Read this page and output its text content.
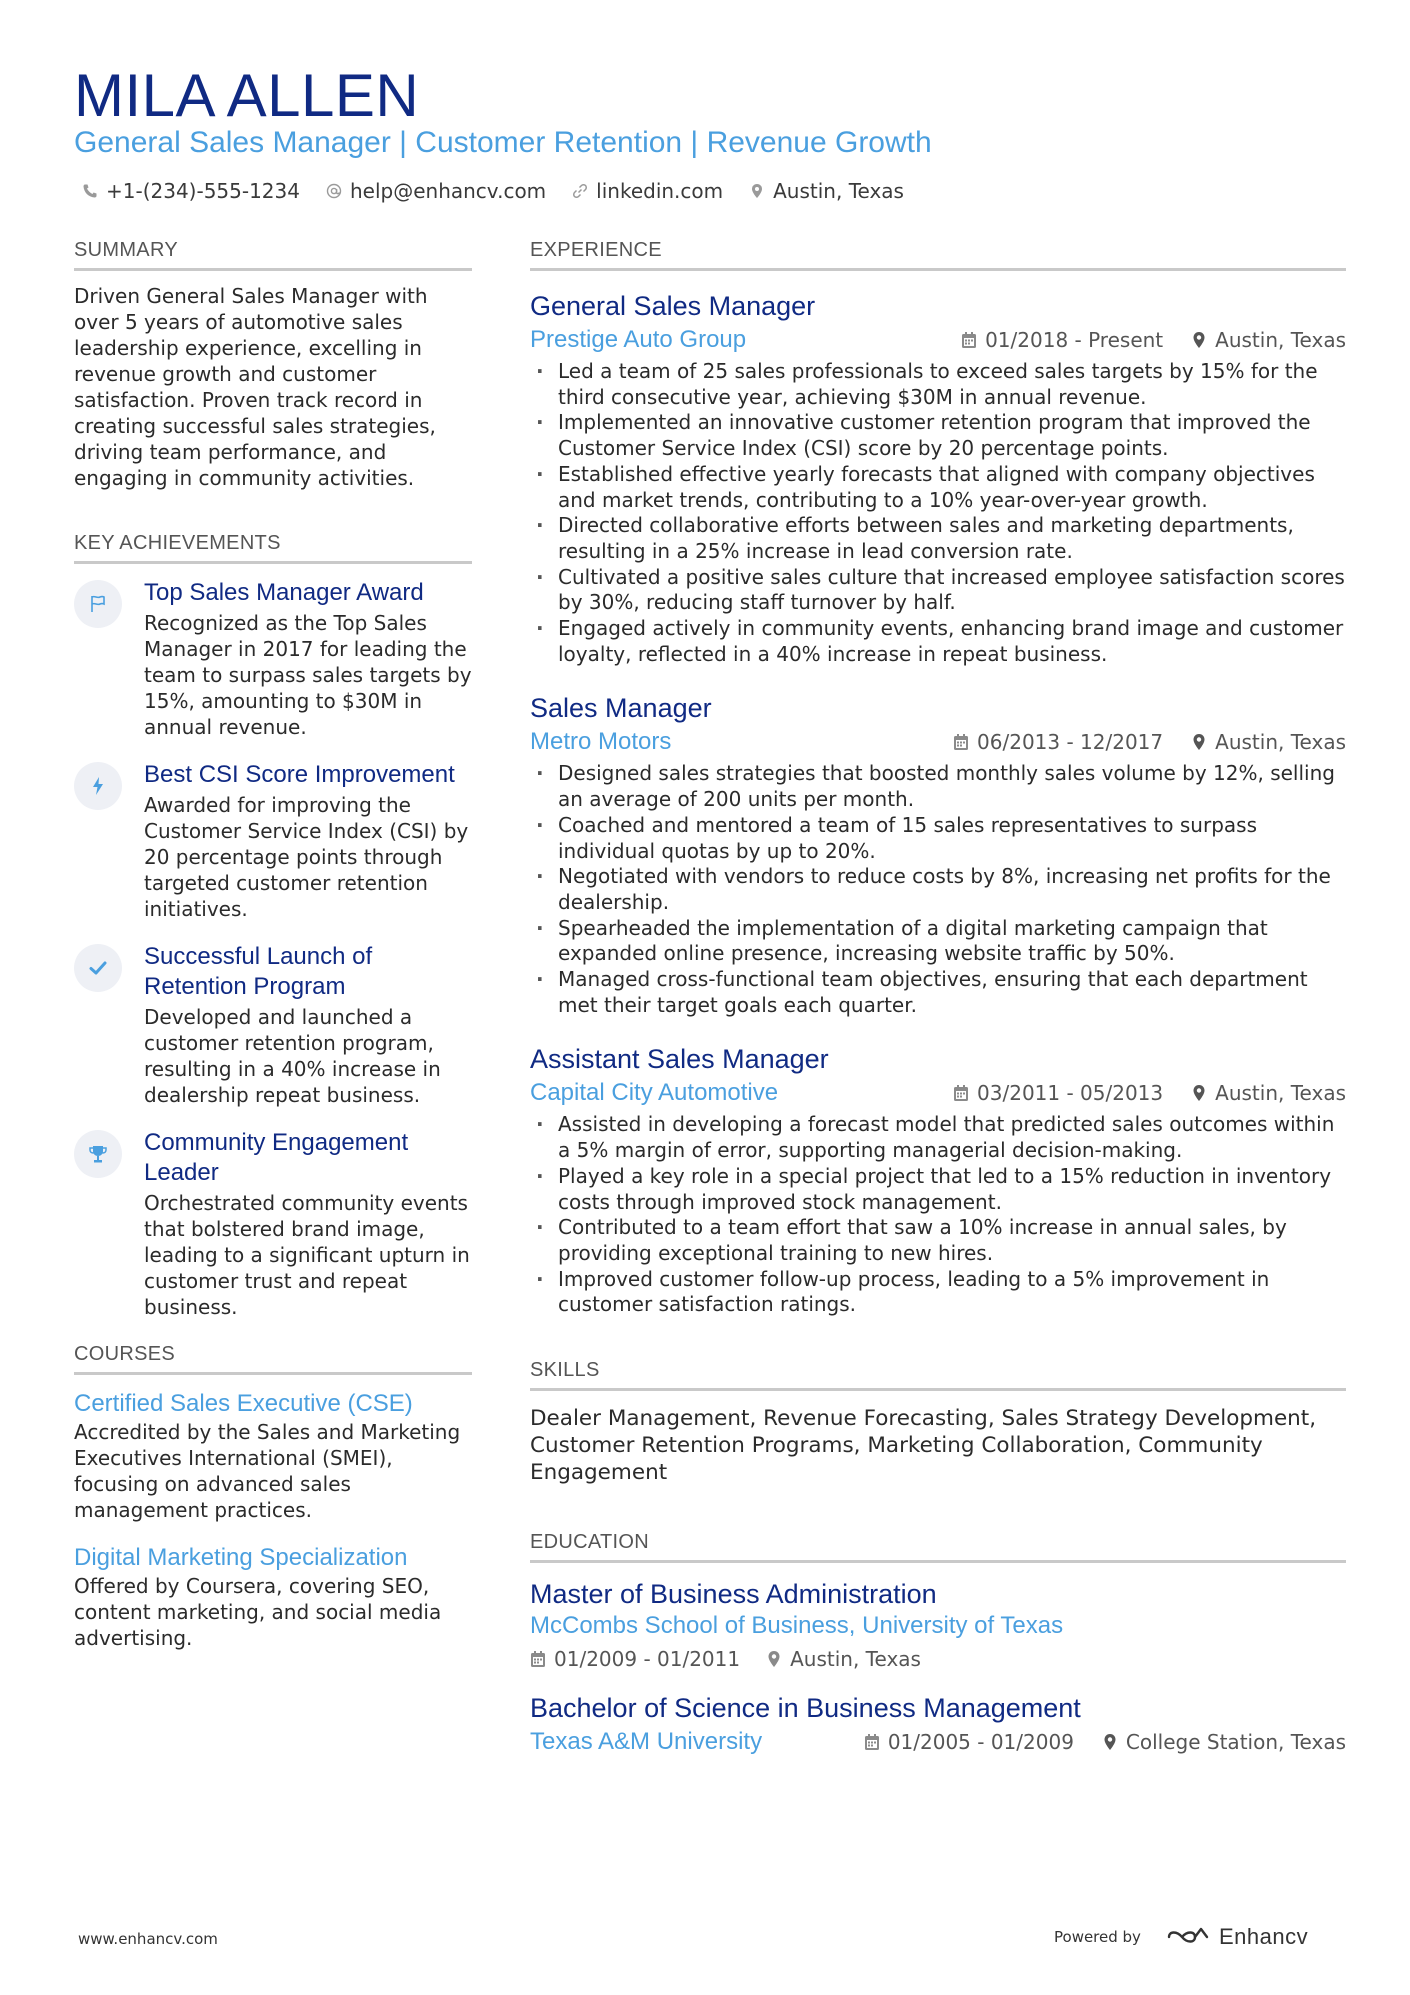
MILA ALLEN
General Sales Manager | Customer Retention | Revenue Growth
+1-(234)-555-1234	help@enhancv.com	linkedin.com	Austin, Texas
SUMMARY
Driven General Sales Manager with over 5 years of automotive sales leadership experience, excelling in revenue growth and customer satisfaction. Proven track record in creating successful sales strategies, driving team performance, and engaging in community activities.
KEY ACHIEVEMENTS
Top Sales Manager Award
Recognized as the Top Sales Manager in 2017 for leading the team to surpass sales targets by 15%, amounting to $30M in annual revenue.
Best CSI Score Improvement
Awarded for improving the Customer Service Index (CSI) by 20 percentage points through targeted customer retention initiatives.
Successful Launch of Retention Program
Developed and launched a customer retention program, resulting in a 40% increase in dealership repeat business.
Community Engagement Leader
Orchestrated community events that bolstered brand image, leading to a significant upturn in customer trust and repeat business.
COURSES
Certified Sales Executive (CSE)
Accredited by the Sales and Marketing Executives International (SMEI), focusing on advanced sales management practices.
Digital Marketing Specialization
Offered by Coursera, covering SEO, content marketing, and social media advertising.
EXPERIENCE
General Sales Manager
Prestige Auto Group	01/2018 - Present	Austin, Texas
· Led a team of 25 sales professionals to exceed sales targets by 15% for the third consecutive year, achieving $30M in annual revenue.
· Implemented an innovative customer retention program that improved the Customer Service Index (CSI) score by 20 percentage points.
· Established effective yearly forecasts that aligned with company objectives and market trends, contributing to a 10% year-over-year growth.
· Directed collaborative efforts between sales and marketing departments, resulting in a 25% increase in lead conversion rate.
· Cultivated a positive sales culture that increased employee satisfaction scores by 30%, reducing staff turnover by half.
· Engaged actively in community events, enhancing brand image and customer loyalty, reflected in a 40% increase in repeat business.
Sales Manager
Metro Motors	06/2013 - 12/2017	Austin, Texas
· Designed sales strategies that boosted monthly sales volume by 12%, selling an average of 200 units per month.
· Coached and mentored a team of 15 sales representatives to surpass individual quotas by up to 20%.
· Negotiated with vendors to reduce costs by 8%, increasing net profits for the dealership.
· Spearheaded the implementation of a digital marketing campaign that expanded online presence, increasing website traffic by 50%.
· Managed cross-functional team objectives, ensuring that each department met their target goals each quarter.
Assistant Sales Manager
Capital City Automotive	03/2011 - 05/2013	Austin, Texas
· Assisted in developing a forecast model that predicted sales outcomes within a 5% margin of error, supporting managerial decision-making.
· Played a key role in a special project that led to a 15% reduction in inventory costs through improved stock management.
· Contributed to a team effort that saw a 10% increase in annual sales, by providing exceptional training to new hires.
· Improved customer follow-up process, leading to a 5% improvement in customer satisfaction ratings.
SKILLS
Dealer Management, Revenue Forecasting, Sales Strategy Development, Customer Retention Programs, Marketing Collaboration, Community Engagement
EDUCATION
Master of Business Administration
McCombs School of Business, University of Texas
01/2009 - 01/2011	Austin, Texas
Bachelor of Science in Business Management
Texas A&M University	01/2005 - 01/2009	College Station, Texas
www.enhancv.com	Powered by	Enhancv
